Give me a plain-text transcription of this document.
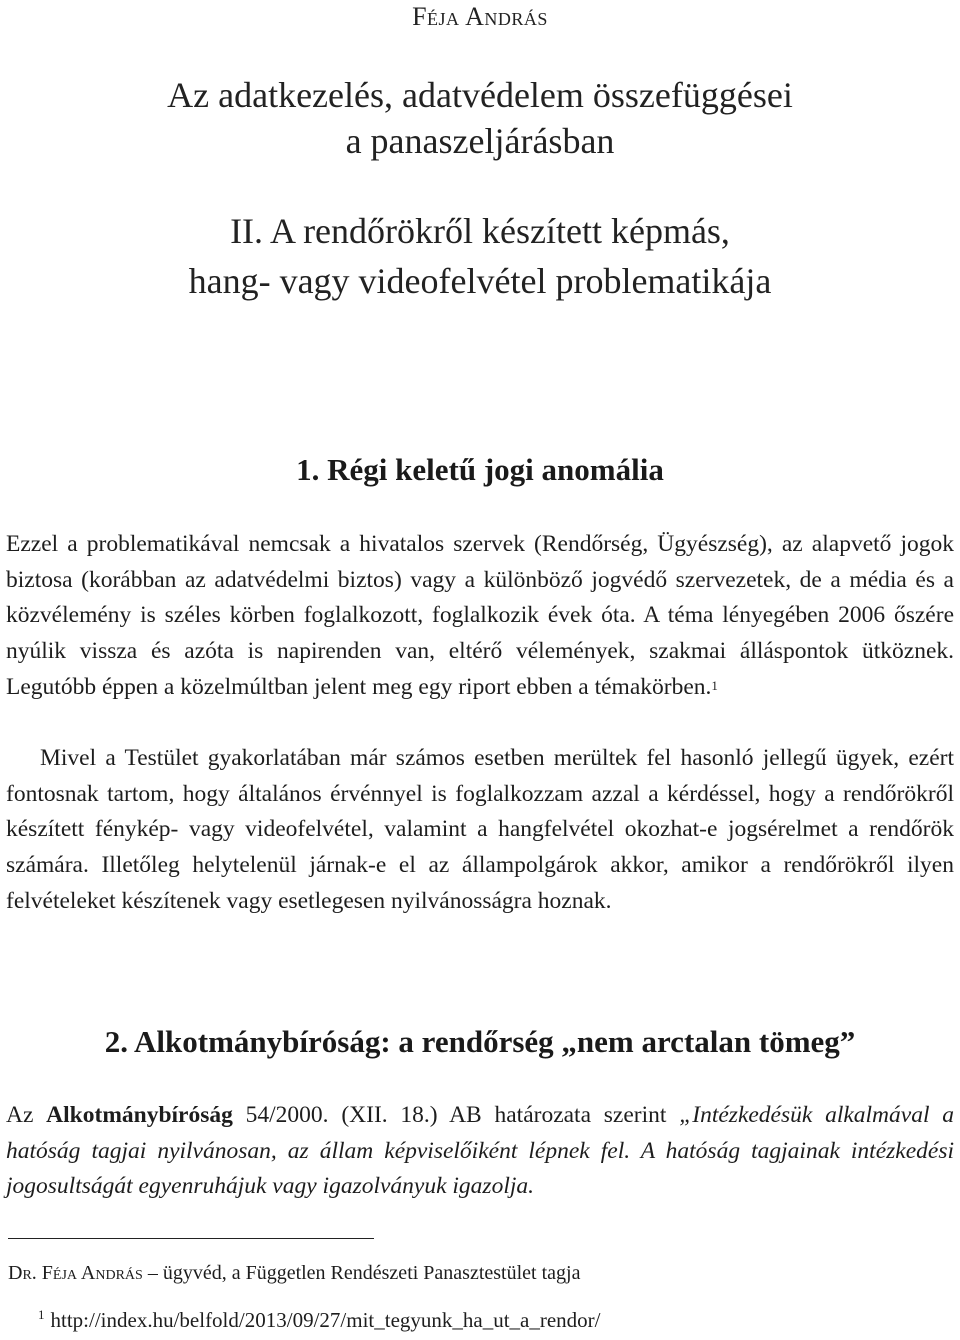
Féja András
Az adatkezelés, adatvédelem összefüggései
a panaszeljárásban
II. A rendőrökről készített képmás,
hang- vagy videofelvétel problematikája
1. Régi keletű jogi anomália
Ezzel a problematikával nemcsak a hivatalos szervek (Rendőrség, Ügyészség), az alapvető jogok biztosa (korábban az adatvédelmi biztos) vagy a különböző jogvédő szervezetek, de a média és a közvélemény is széles körben foglalkozott, foglalkozik évek óta. A téma lényegében 2006 őszére nyúlik vissza és azóta is napirenden van, eltérő vélemények, szakmai álláspontok ütköznek. Legutóbb éppen a közelmúltban jelent meg egy riport ebben a témakörben.$^1$
Mivel a Testület gyakorlatában már számos esetben merültek fel hasonló jellegű ügyek, ezért fontosnak tartom, hogy általános érvénnyel is foglalkozzam azzal a kérdéssel, hogy a rendőrökről készített fénykép- vagy videofelvétel, valamint a hangfelvétel okozhat-e jogsérelmet a rendőrök számára. Illetőleg helytelenül járnak-e el az állampolgárok akkor, amikor a rendőrökről ilyen felvételeket készítenek vagy esetlegesen nyilvánosságra hoznak.
2. Alkotmánybíróság: a rendőrség „nem arctalan tömeg”
Az Alkotmánybíróság 54/2000. (XII. 18.) AB határozata szerint „Intézkedésük alkalmával a hatóság tagjai nyilvánosan, az állam képviselőiként lépnek fel. A hatóság tagjainak intézkedési jogosultságát egyenruhájuk vagy igazolványuk igazolja.
Dr. Féja András – ügyvéd, a Független Rendészeti Panasztestület tagja
$^1$ http://index.hu/belfold/2013/09/27/mit_tegyunk_ha_ut_a_rendor/
